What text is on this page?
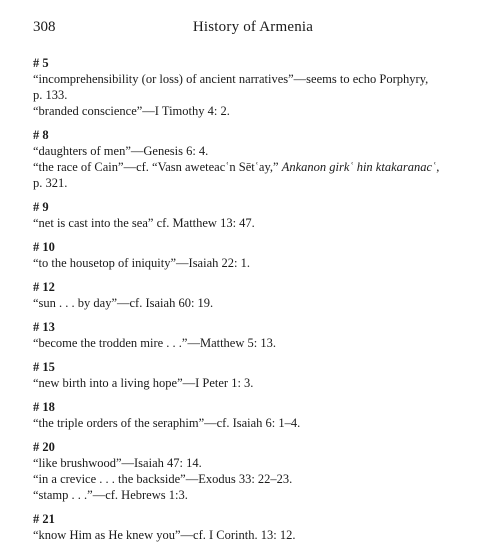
308	History of Armenia
# 5
“incomprehensibility (or loss) of ancient narratives”—seems to echo Porphyry,
p. 133.
“branded conscience”—I Timothy 4: 2.
# 8
“daughters of men”—Genesis 6: 4.
“the race of Cain”—cf. “Vasn aweteacʿn Sētʿay,” Ankanon girkʿ hin ktakaranacʿ,
p. 321.
# 9
“net is cast into the sea” cf. Matthew 13: 47.
# 10
“to the housetop of iniquity”—Isaiah 22: 1.
# 12
“sun . . . by day”—cf. Isaiah 60: 19.
# 13
“become the trodden mire . . .”—Matthew 5: 13.
# 15
“new birth into a living hope”—I Peter 1: 3.
# 18
“the triple orders of the seraphim”—cf. Isaiah 6: 1–4.
# 20
“like brushwood”—Isaiah 47: 14.
“in a crevice . . . the backside”—Exodus 33: 22–23.
“stamp . . .”—cf. Hebrews 1:3.
# 21
“know Him as He knew you”—cf. I Corinth. 13: 12.
